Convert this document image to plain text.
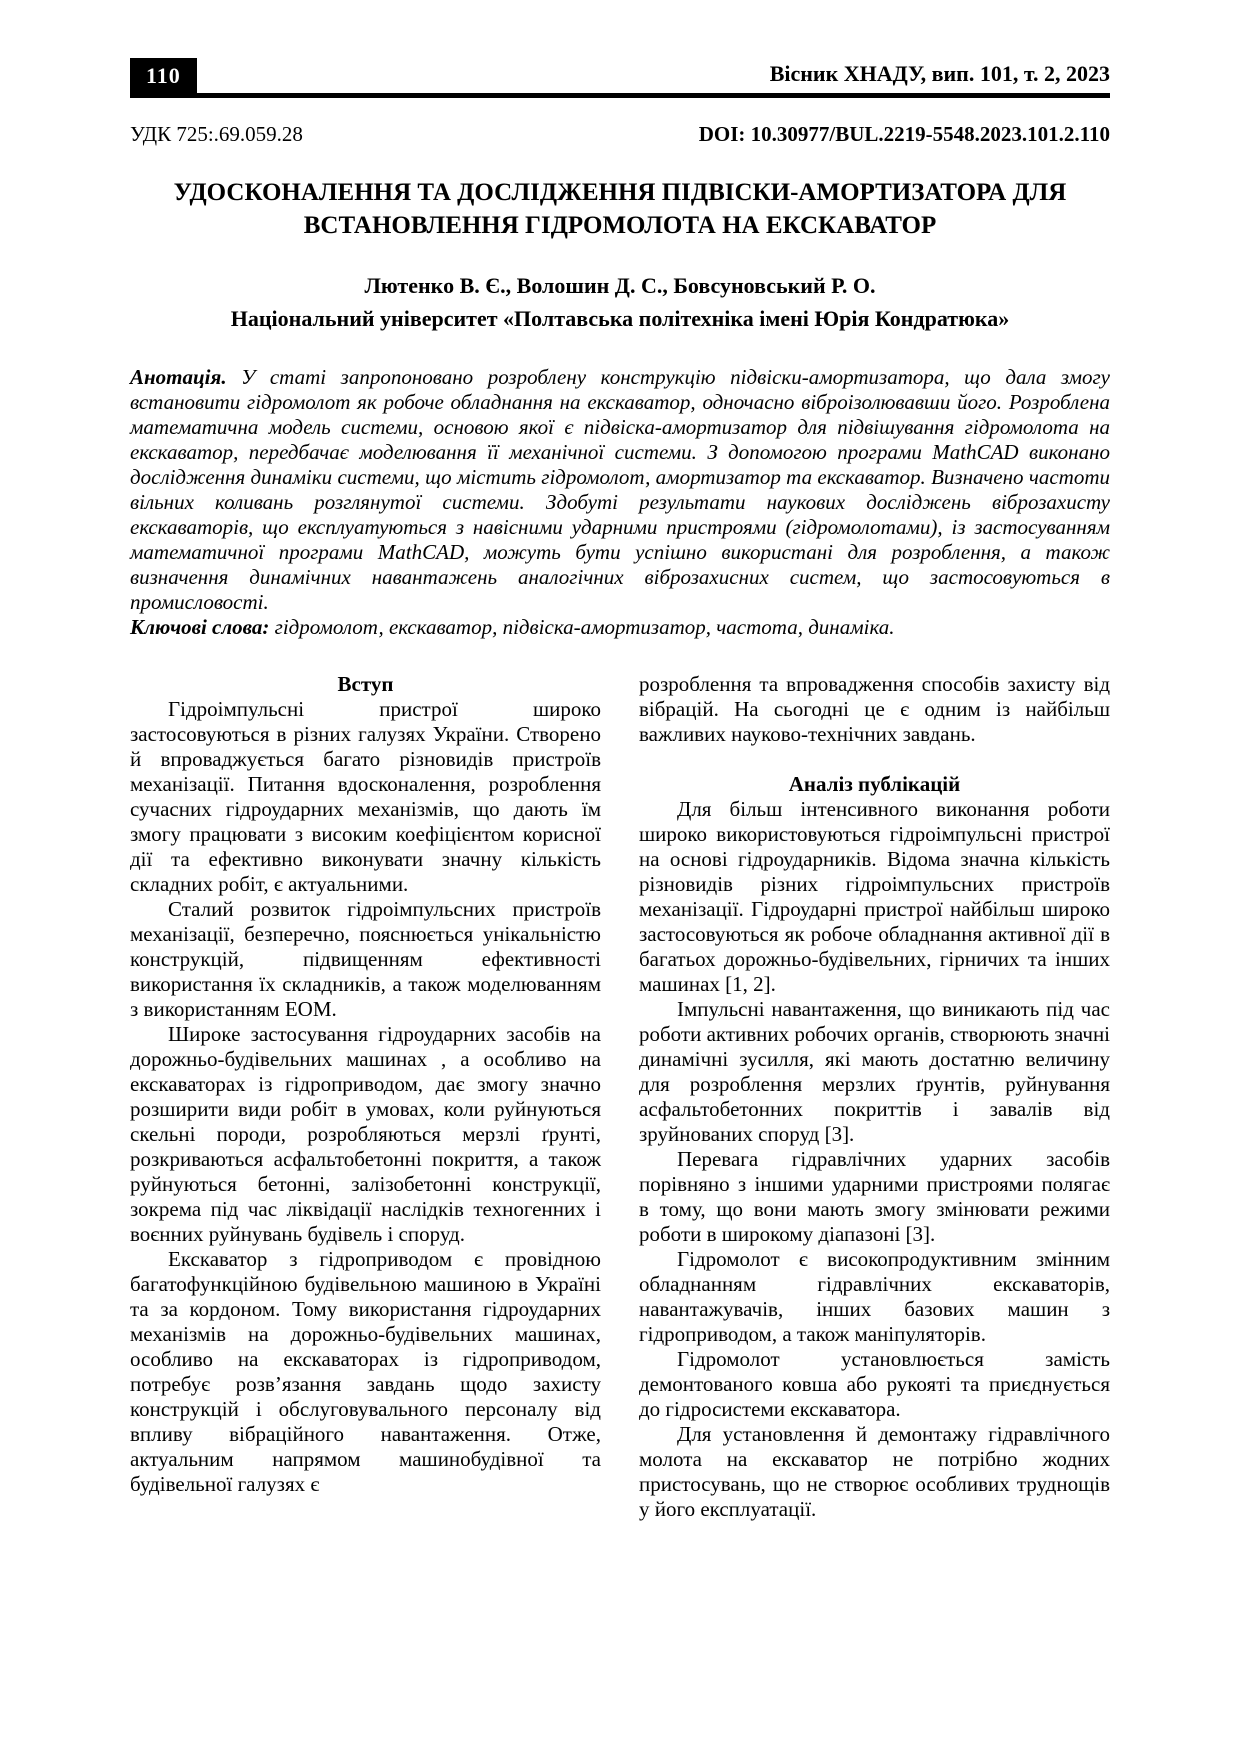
110	Вісник ХНАДУ, вип. 101, т. 2, 2023
УДК 725:.69.059.28	DOI: 10.30977/BUL.2219-5548.2023.101.2.110
УДОСКОНАЛЕННЯ ТА ДОСЛІДЖЕННЯ ПІДВІСКИ-АМОРТИЗАТОРА ДЛЯ ВСТАНОВЛЕННЯ ГІДРОМОЛОТА НА ЕКСКАВАТОР
Лютенко В. Є., Волошин Д. С., Бовсуновський Р. О.
Національний університет «Полтавська політехніка імені Юрія Кондратюка»

Анотація. У статі запропоновано розроблену конструкцію підвіски-амортизатора, що дала змогу встановити гідромолот як робоче обладнання на екскаватор, одночасно віброізолювавши його. Розроблена математична модель системи, основою якої є підвіска-амортизатор для підвішування гідромолота на екскаватор, передбачає моделювання її механічної системи. З допомогою програми MathCAD виконано дослідження динаміки системи, що містить гідромолот, амортизатор та екскаватор. Визначено частоти вільних коливань розглянутої системи. Здобуті результати наукових досліджень віброзахисту екскаваторів, що експлуатуються з навісними ударними пристроями (гідромолотами), із застосуванням математичної програми MathCAD, можуть бути успішно використані для розроблення, а також визначення динамічних навантажень аналогічних віброзахисних систем, що застосовуються в промисловості.

Ключові слова: гідромолот, екскаватор, підвіска-амортизатор, частота, динаміка.

Вступ

Гідроімпульсні пристрої широко застосовуються в різних галузях України. Створено й впроваджується багато різновидів пристроїв механізації. Питання вдосконалення, розроблення сучасних гідроударних механізмів, що дають їм змогу працювати з високим коефіцієнтом корисної дії та ефективно виконувати значну кількість складних робіт, є актуальними.

Сталий розвиток гідроімпульсних пристроїв механізації, безперечно, пояснюється унікальністю конструкцій, підвищенням ефективності використання їх складників, а також моделюванням з використанням ЕОМ.

Широке застосування гідроударних засобів на дорожньо-будівельних машинах , а особливо на екскаваторах із гідроприводом, дає змогу значно розширити види робіт в умовах, коли руйнуються скельні породи, розробляються мерзлі ґрунті, розкриваються асфальтобетонні покриття, а також руйнуються бетонні, залізобетонні конструкції, зокрема під час ліквідації наслідків техногенних і воєнних руйнувань будівель і споруд.

Екскаватор з гідроприводом є провідною багатофункційною будівельною машиною в Україні та за кордоном. Тому використання гідроударних механізмів на дорожньо-будівельних машинах, особливо на екскаваторах із гідроприводом, потребує розв’язання завдань щодо захисту конструкцій і обслуговувального персоналу від впливу вібраційного навантаження. Отже, актуальним напрямом машинобудівної та будівельної галузях є

розроблення та впровадження способів захисту від вібрацій. На сьогодні це є одним із найбільш важливих науково-технічних завдань.

Аналіз публікацій

Для більш інтенсивного виконання роботи широко використовуються гідроімпульсні пристрої на основі гідроударників. Відома значна кількість різновидів різних гідроімпульсних пристроїв механізації. Гідроударні пристрої найбільш широко застосовуються як робоче обладнання активної дії в багатьох дорожньо-будівельних, гірничих та інших машинах [1, 2].

Імпульсні навантаження, що виникають під час роботи активних робочих органів, створюють значні динамічні зусилля, які мають достатню величину для розроблення мерзлих ґрунтів, руйнування асфальтобетонних покриттів і завалів від зруйнованих споруд [3].

Перевага гідравлічних ударних засобів порівняно з іншими ударними пристроями полягає в тому, що вони мають змогу змінювати режими роботи в широкому діапазоні [3].

Гідромолот є високопродуктивним змінним обладнанням гідравлічних екскаваторів, навантажувачів, інших базових машин з гідроприводом, а також маніпуляторів.

Гідромолот установлюється замість демонтованого ковша або рукояті та приєднується до гідросистеми екскаватора.

Для установлення й демонтажу гідравлічного молота на екскаватор не потрібно жодних пристосувань, що не створює особливих труднощів у його експлуатації.
